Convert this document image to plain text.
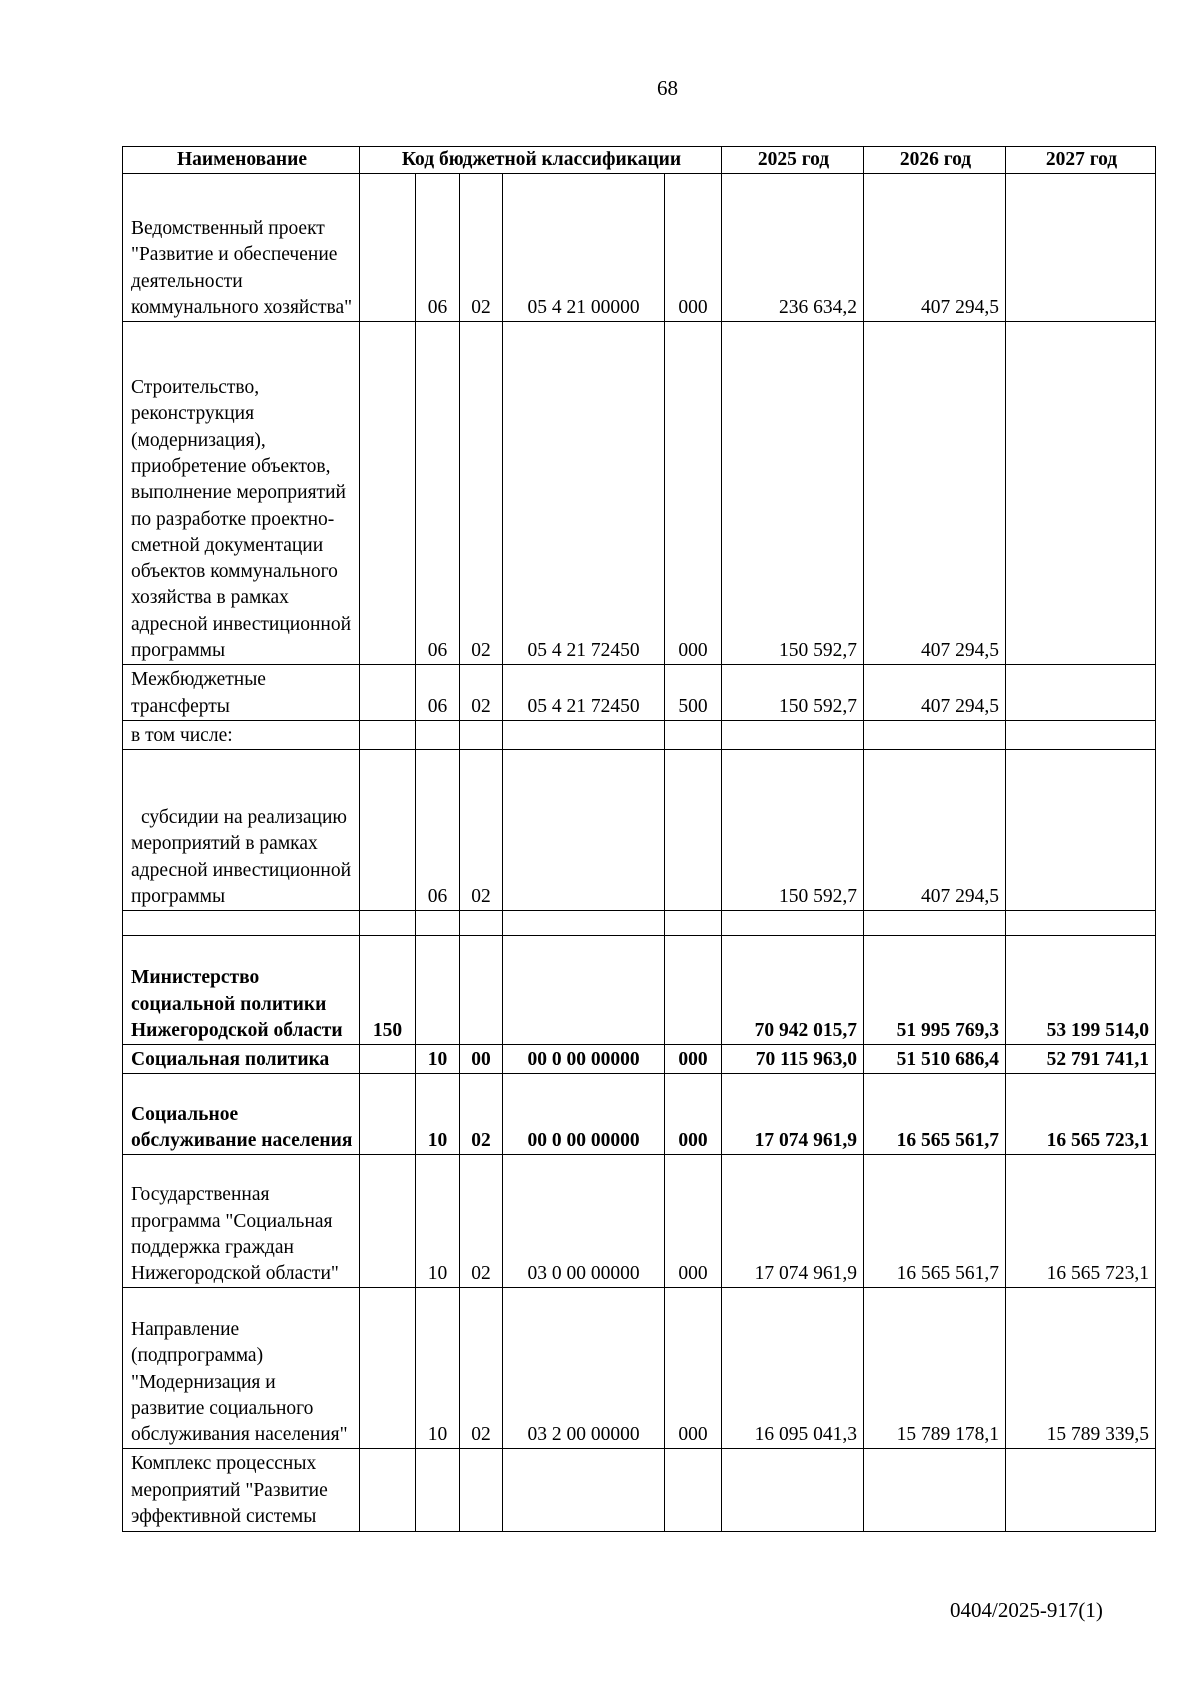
68
Наименование	Код бюджетной классификации					2025 год	2026 год	2027 год
Ведомственный проект "Развитие и обеспечение деятельности коммунального хозяйства"		06	02	05 4 21 00000	000	236 634,2	407 294,5	
Строительство, реконструкция (модернизация), приобретение объектов, выполнение мероприятий по разработке проектно-сметной документации объектов коммунального хозяйства в рамках адресной инвестиционной программы		06	02	05 4 21 72450	000	150 592,7	407 294,5	
Межбюджетные трансферты		06	02	05 4 21 72450	500	150 592,7	407 294,5	
в том числе:								
субсидии на реализацию мероприятий в рамках адресной инвестиционной программы		06	02			150 592,7	407 294,5	

Министерство социальной политики Нижегородской области	150					70 942 015,7	51 995 769,3	53 199 514,0
Социальная политика		10	00	00 0 00 00000	000	70 115 963,0	51 510 686,4	52 791 741,1
Социальное обслуживание населения		10	02	00 0 00 00000	000	17 074 961,9	16 565 561,7	16 565 723,1
Государственная программа "Социальная поддержка граждан Нижегородской области"		10	02	03 0 00 00000	000	17 074 961,9	16 565 561,7	16 565 723,1
Направление (подпрограмма) "Модернизация и развитие социального обслуживания населения"		10	02	03 2 00 00000	000	16 095 041,3	15 789 178,1	15 789 339,5
Комплекс процессных мероприятий "Развитие эффективной системы								
0404/2025-917(1)
